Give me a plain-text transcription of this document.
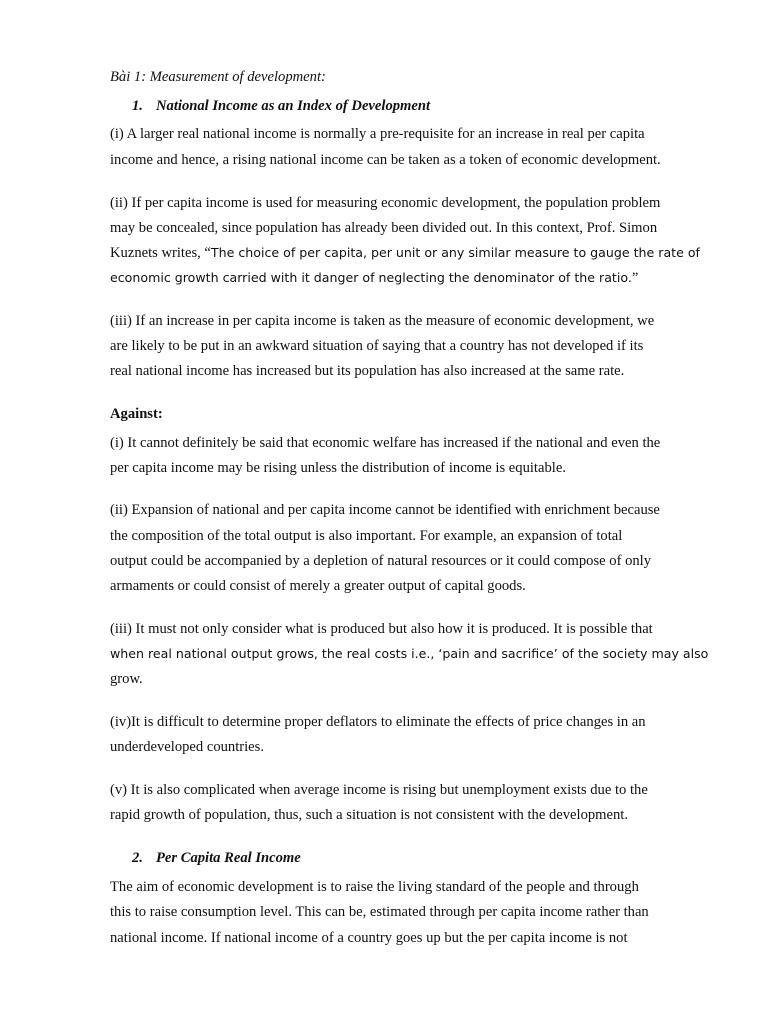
Bài 1: Measurement of development:
1. National Income as an Index of Development
(i) A larger real national income is normally a pre-requisite for an increase in real per capita
income and hence, a rising national income can be taken as a token of economic development.
(ii) If per capita income is used for measuring economic development, the population problem
may be concealed, since population has already been divided out. In this context, Prof. Simon
Kuznets writes, “The choice of per capita, per unit or any similar measure to gauge the rate of
economic growth carried with it danger of neglecting the denominator of the ratio.”
(iii) If an increase in per capita income is taken as the measure of economic development, we
are likely to be put in an awkward situation of saying that a country has not developed if its
real national income has increased but its population has also increased at the same rate.
Against:
(i) It cannot definitely be said that economic welfare has increased if the national and even the
per capita income may be rising unless the distribution of income is equitable.
(ii) Expansion of national and per capita income cannot be identified with enrichment because
the composition of the total output is also important. For example, an expansion of total
output could be accompanied by a depletion of natural resources or it could compose of only
armaments or could consist of merely a greater output of capital goods.
(iii) It must not only consider what is produced but also how it is produced. It is possible that
when real national output grows, the real costs i.e., ‘pain and sacrifice’ of the society may also
grow.
(iv)It is difficult to determine proper deflators to eliminate the effects of price changes in an
underdeveloped countries.
(v) It is also complicated when average income is rising but unemployment exists due to the
rapid growth of population, thus, such a situation is not consistent with the development.
2. Per Capita Real Income
The aim of economic development is to raise the living standard of the people and through
this to raise consumption level. This can be, estimated through per capita income rather than
national income. If national income of a country goes up but the per capita income is not
